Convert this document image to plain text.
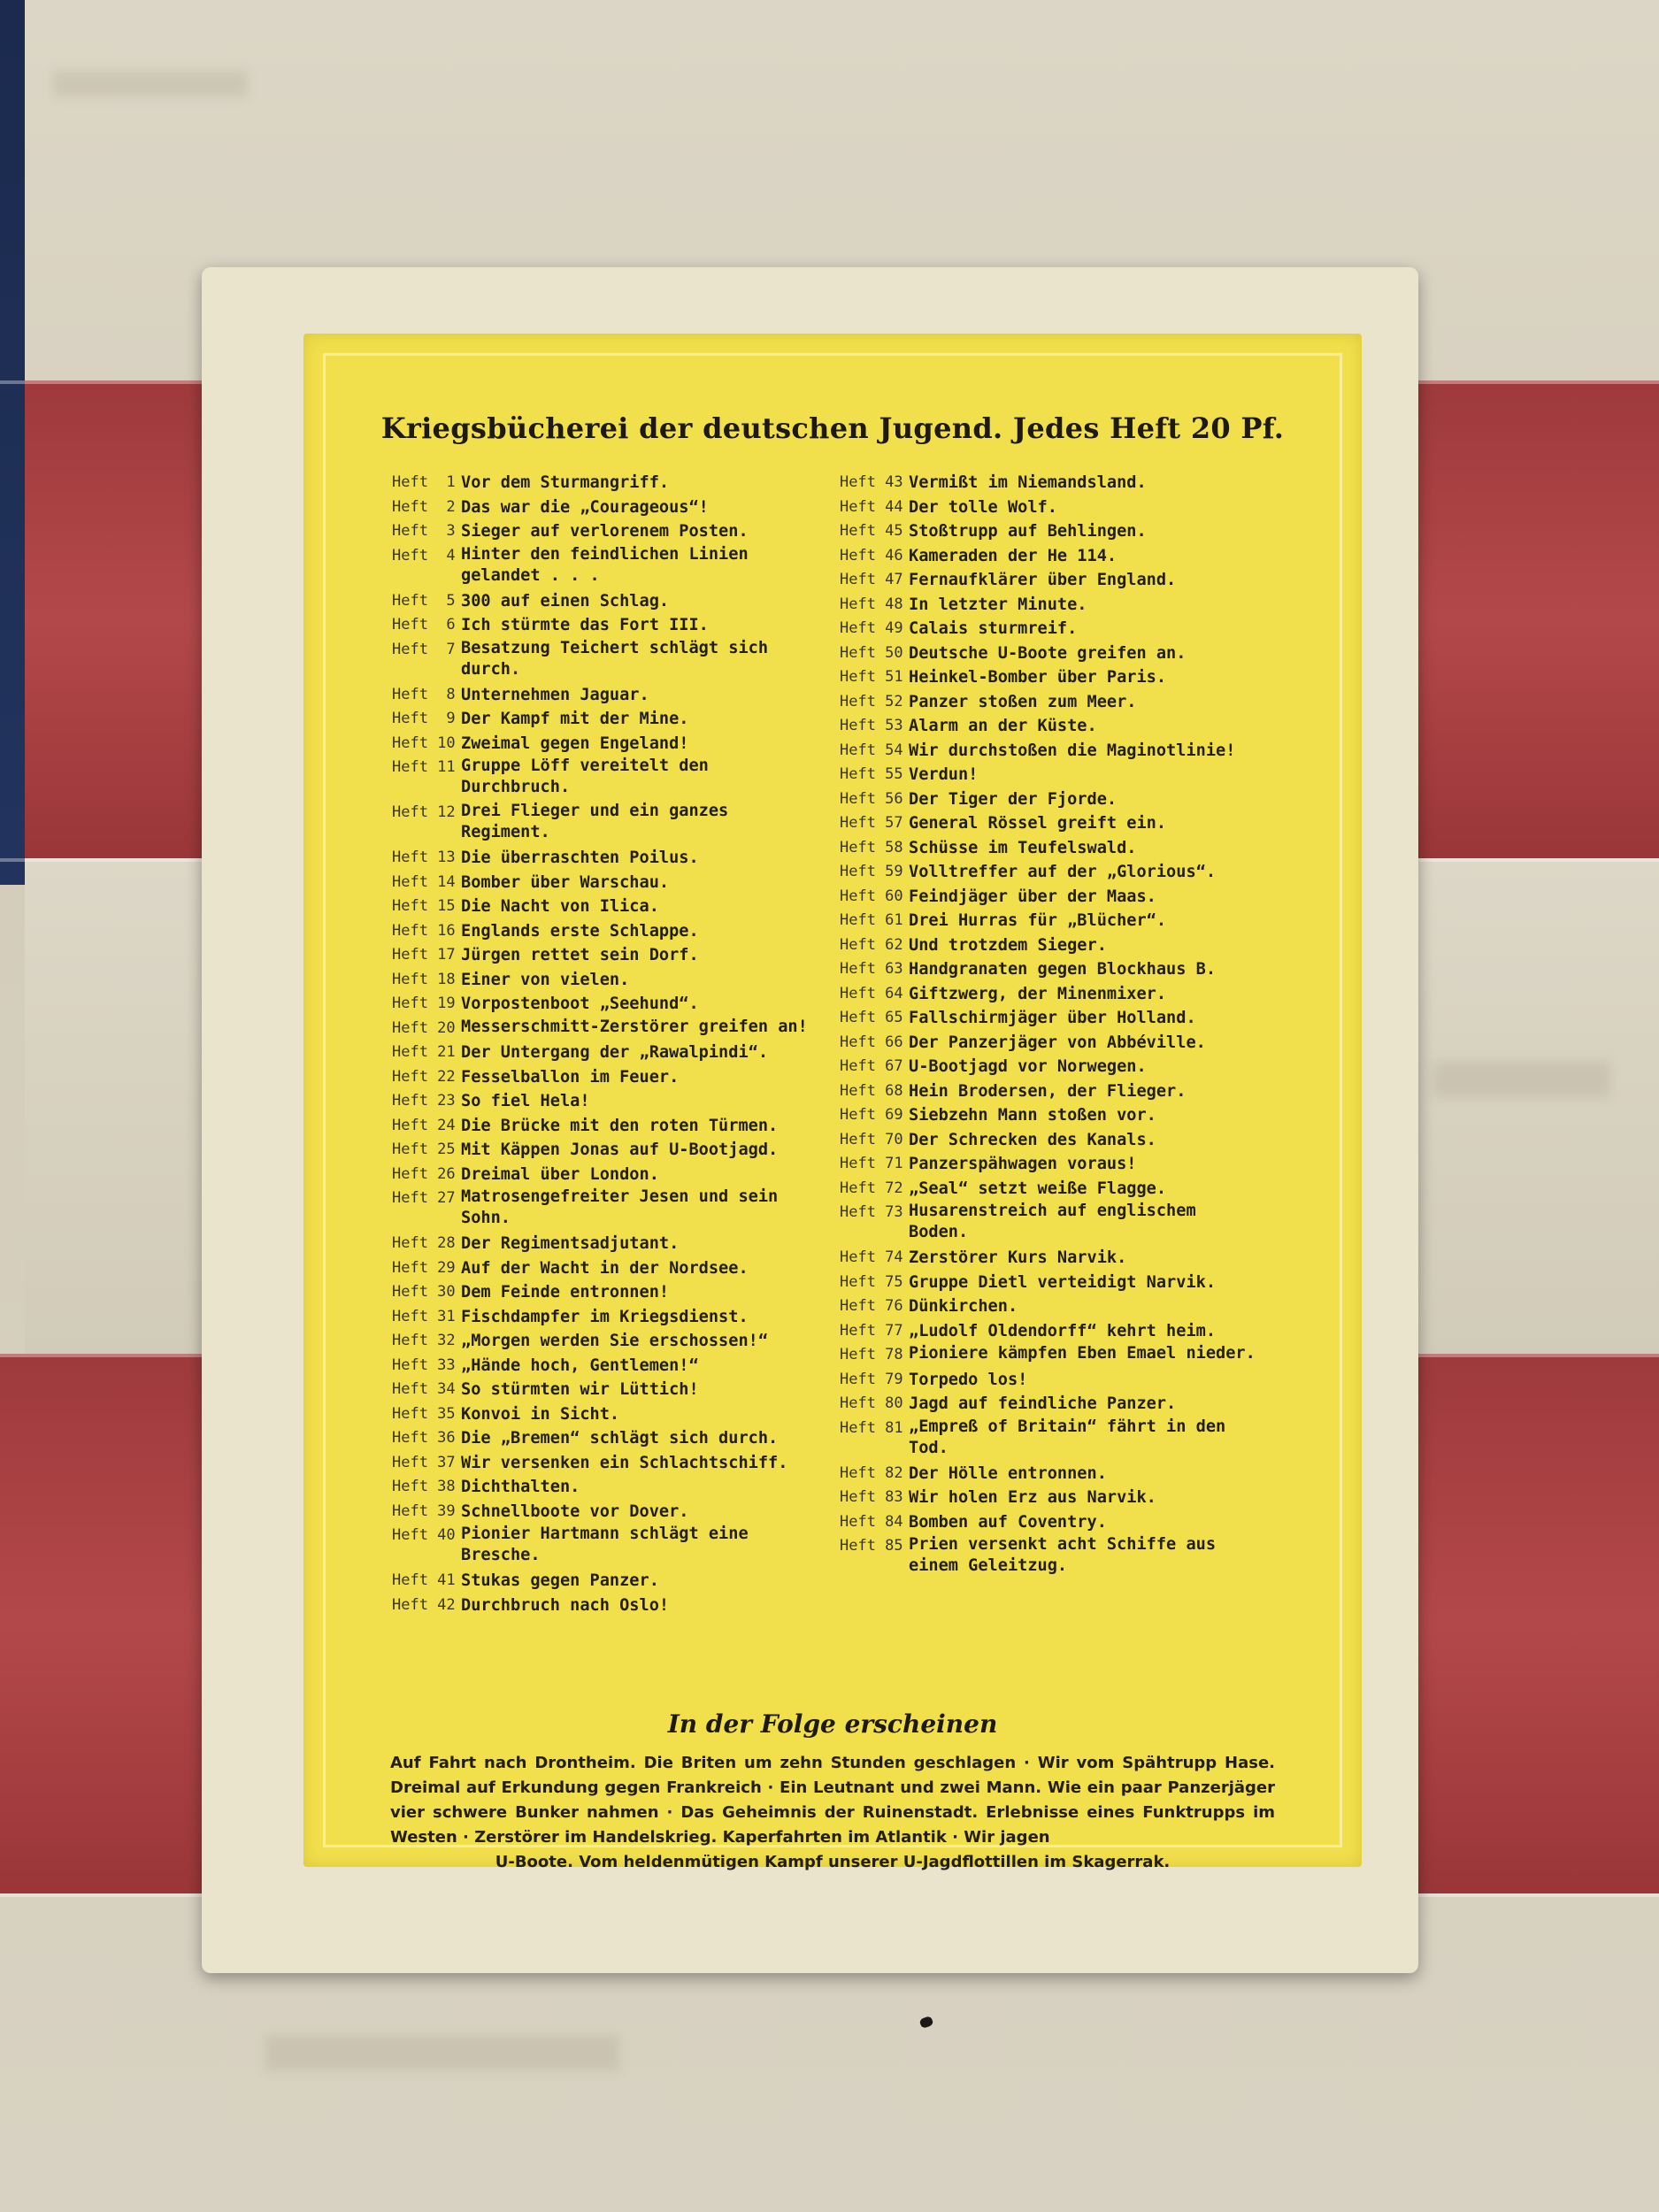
Kriegsbücherei der deutschen Jugend. Jedes Heft 20 Pf.
Heft  1 Vor dem Sturmangriff.
Heft  2 Das war die „Courageous“!
Heft  3 Sieger auf verlorenem Posten.
Heft  4 Hinter den feindlichen Linien gelandet . . .
Heft  5 300 auf einen Schlag.
Heft  6 Ich stürmte das Fort III.
Heft  7 Besatzung Teichert schlägt sich durch.
Heft  8 Unternehmen Jaguar.
Heft  9 Der Kampf mit der Mine.
Heft 10 Zweimal gegen Engeland!
Heft 11 Gruppe Löff vereitelt den Durchbruch.
Heft 12 Drei Flieger und ein ganzes Regiment.
Heft 13 Die überraschten Poilus.
Heft 14 Bomber über Warschau.
Heft 15 Die Nacht von Ilica.
Heft 16 Englands erste Schlappe.
Heft 17 Jürgen rettet sein Dorf.
Heft 18 Einer von vielen.
Heft 19 Vorpostenboot „Seehund“.
Heft 20 Messerschmitt-Zerstörer greifen an!
Heft 21 Der Untergang der „Rawalpindi“.
Heft 22 Fesselballon im Feuer.
Heft 23 So fiel Hela!
Heft 24 Die Brücke mit den roten Türmen.
Heft 25 Mit Käppen Jonas auf U-Bootjagd.
Heft 26 Dreimal über London.
Heft 27 Matrosengefreiter Jesen und sein Sohn.
Heft 28 Der Regimentsadjutant.
Heft 29 Auf der Wacht in der Nordsee.
Heft 30 Dem Feinde entronnen!
Heft 31 Fischdampfer im Kriegsdienst.
Heft 32 „Morgen werden Sie erschossen!“
Heft 33 „Hände hoch, Gentlemen!“
Heft 34 So stürmten wir Lüttich!
Heft 35 Konvoi in Sicht.
Heft 36 Die „Bremen“ schlägt sich durch.
Heft 37 Wir versenken ein Schlachtschiff.
Heft 38 Dichthalten.
Heft 39 Schnellboote vor Dover.
Heft 40 Pionier Hartmann schlägt eine Bresche.
Heft 41 Stukas gegen Panzer.
Heft 42 Durchbruch nach Oslo!
Heft 43 Vermißt im Niemandsland.
Heft 44 Der tolle Wolf.
Heft 45 Stoßtrupp auf Behlingen.
Heft 46 Kameraden der He 114.
Heft 47 Fernaufklärer über England.
Heft 48 In letzter Minute.
Heft 49 Calais sturmreif.
Heft 50 Deutsche U-Boote greifen an.
Heft 51 Heinkel-Bomber über Paris.
Heft 52 Panzer stoßen zum Meer.
Heft 53 Alarm an der Küste.
Heft 54 Wir durchstoßen die Maginotlinie!
Heft 55 Verdun!
Heft 56 Der Tiger der Fjorde.
Heft 57 General Rössel greift ein.
Heft 58 Schüsse im Teufelswald.
Heft 59 Volltreffer auf der „Glorious“.
Heft 60 Feindjäger über der Maas.
Heft 61 Drei Hurras für „Blücher“.
Heft 62 Und trotzdem Sieger.
Heft 63 Handgranaten gegen Blockhaus B.
Heft 64 Giftzwerg, der Minenmixer.
Heft 65 Fallschirmjäger über Holland.
Heft 66 Der Panzerjäger von Abbéville.
Heft 67 U-Bootjagd vor Norwegen.
Heft 68 Hein Brodersen, der Flieger.
Heft 69 Siebzehn Mann stoßen vor.
Heft 70 Der Schrecken des Kanals.
Heft 71 Panzerspähwagen voraus!
Heft 72 „Seal“ setzt weiße Flagge.
Heft 73 Husarenstreich auf englischem Boden.
Heft 74 Zerstörer Kurs Narvik.
Heft 75 Gruppe Dietl verteidigt Narvik.
Heft 76 Dünkirchen.
Heft 77 „Ludolf Oldendorff“ kehrt heim.
Heft 78 Pioniere kämpfen Eben Emael nieder.
Heft 79 Torpedo los!
Heft 80 Jagd auf feindliche Panzer.
Heft 81 „Empreß of Britain“ fährt in den Tod.
Heft 82 Der Hölle entronnen.
Heft 83 Wir holen Erz aus Narvik.
Heft 84 Bomben auf Coventry.
Heft 85 Prien versenkt acht Schiffe aus einem Geleitzug.
In der Folge erscheinen
Auf Fahrt nach Drontheim. Die Briten um zehn Stunden geschlagen · Wir vom Spähtrupp Hase. Dreimal auf Erkundung gegen Frankreich · Ein Leutnant und zwei Mann. Wie ein paar Panzerjäger vier schwere Bunker nahmen · Das Geheimnis der Ruinenstadt. Erlebnisse eines Funktrupps im Westen · Zerstörer im Handelskrieg. Kaperfahrten im Atlantik · Wir jagen
U-Boote. Vom heldenmütigen Kampf unserer U-Jagdflottillen im Skagerrak.
